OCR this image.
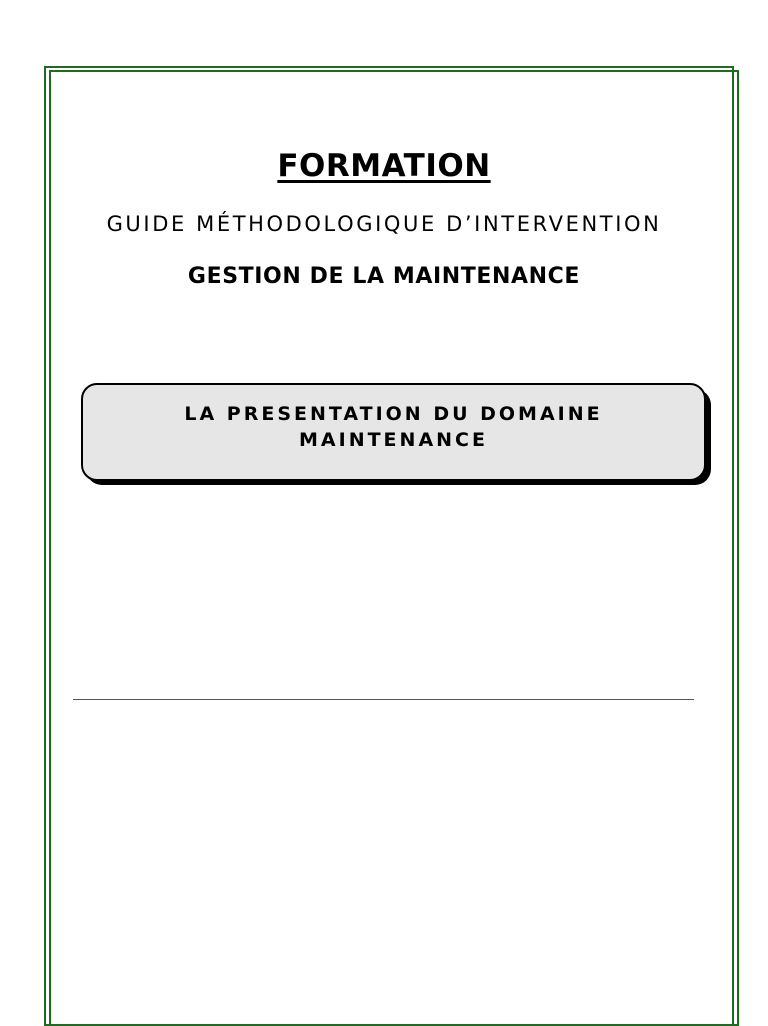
FORMATION
GUIDE MÉTHODOLOGIQUE D’INTERVENTION
GESTION DE LA MAINTENANCE
LA PRESENTATION DU DOMAINE
MAINTENANCE
